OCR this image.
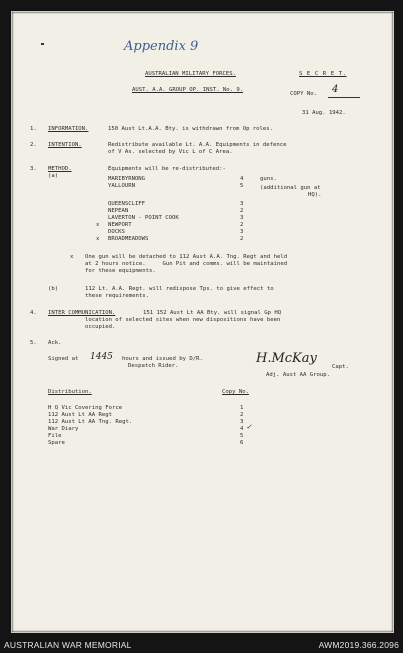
Appendix 9
AUSTRALIAN MILITARY FORCES.	S E C R E T.
AUST. A.A. GROUP OP. INST. No. 9.
COPY No. 4
31 Aug. 1942.
1. INFORMATION.	150 Aust Lt.A.A. Bty. is withdrawn from Op roles.
2. INTENTION.	Redistribute available Lt. A.A. Equipments in defence
of V As. selected by Vic L of C Area.
3. METHOD.
(a)
Equipments will be re-distributed:-
MARIBYRNONG	4	guns.
YALLOURN	5	(additional gun at
HQ).
QUEENSCLIFF	3
NEPEAN	2
LAVERTON - POINT COOK	3
x NEWPORT	2
DOCKS	3
x BROADMEADOWS	2
x One gun will be detached to 112 Aust A.A. Tng. Regt and held
at 2 hours notice.     Gun Pit and comms. will be maintained
for these equipments.
(b)	112 Lt. A.A. Regt. will redispose Tps. to give effect to
these requirements.
4. INTER COMMUNICATION.	151 152 Aust Lt AA Bty. will signal Gp HQ
location of selected sites when new dispositions have been
occupied.
5. Ack.
Signed at 1445 hours and issued by D/R.
Despatch Rider.	H.McKay
Capt.
Adj. Aust AA Group.
Distribution.	Copy No.
H Q Vic Covering Force	1
112 Aust Lt AA Regt	2
112 Aust Lt AA Tng. Regt.	3
War Diary	4 ✓
File	5
Spare	6
AUSTRALIAN WAR MEMORIAL	AWM2019.366.2096
